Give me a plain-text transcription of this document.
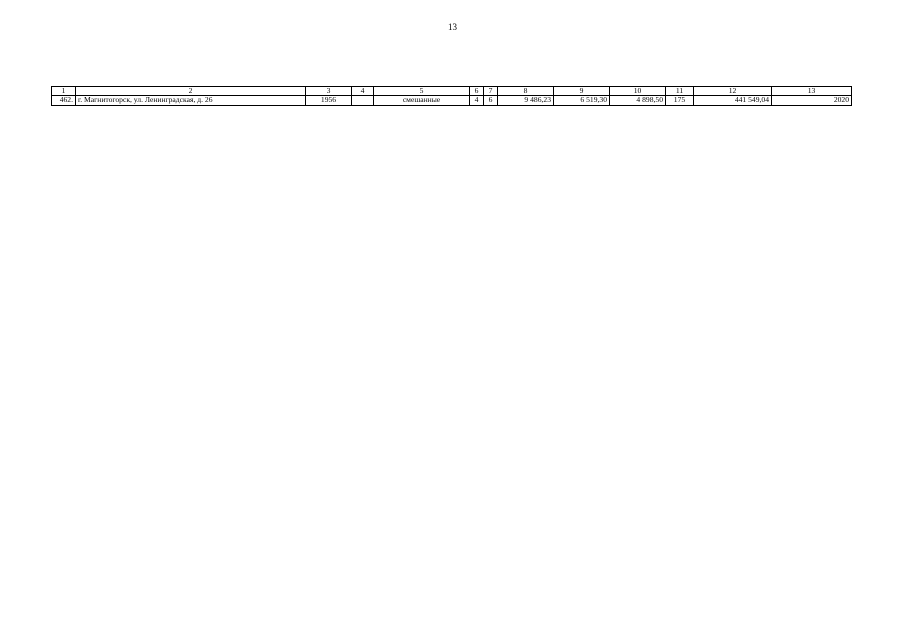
13
1	2	3	4	5	6	7	8	9	10	11	12	13
462.	г. Магнитогорск, ул. Ленинградская, д. 26	1956		смешанные	4	6	9 486,23	6 519,30	4 898,50	175	441 549,04	2020
